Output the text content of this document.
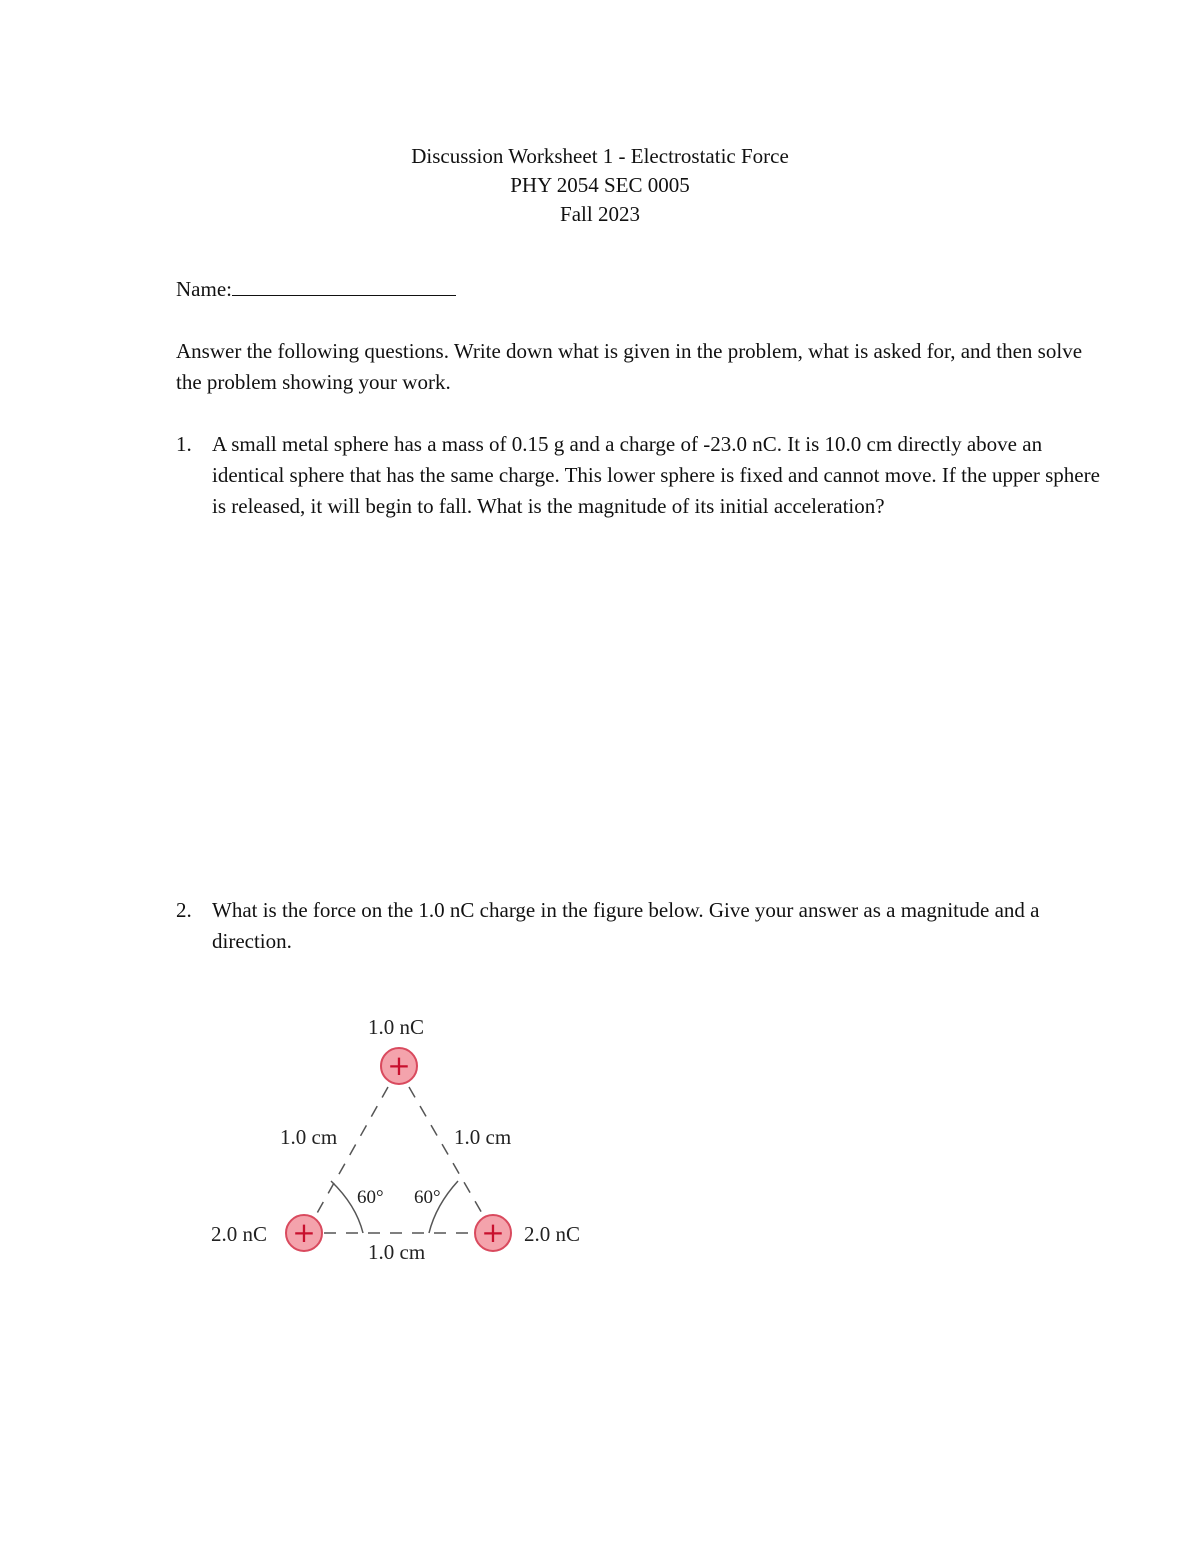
Discussion Worksheet 1 - Electrostatic Force
PHY 2054 SEC 0005
Fall 2023
Name:
Answer the following questions. Write down what is given in the problem, what is asked for, and then solve the problem showing your work.
1. A small metal sphere has a mass of 0.15 g and a charge of -23.0 nC. It is 10.0 cm directly above an identical sphere that has the same charge. This lower sphere is fixed and cannot move. If the upper sphere is released, it will begin to fall. What is the magnitude of its initial acceleration?
2. What is the force on the 1.0 nC charge in the figure below. Give your answer as a magnitude and a direction.
60° 60°
1.0 cm	1.0 cm
1.0 cm
1.0 nC
2.0 nC	2.0 nC
+
+	+
